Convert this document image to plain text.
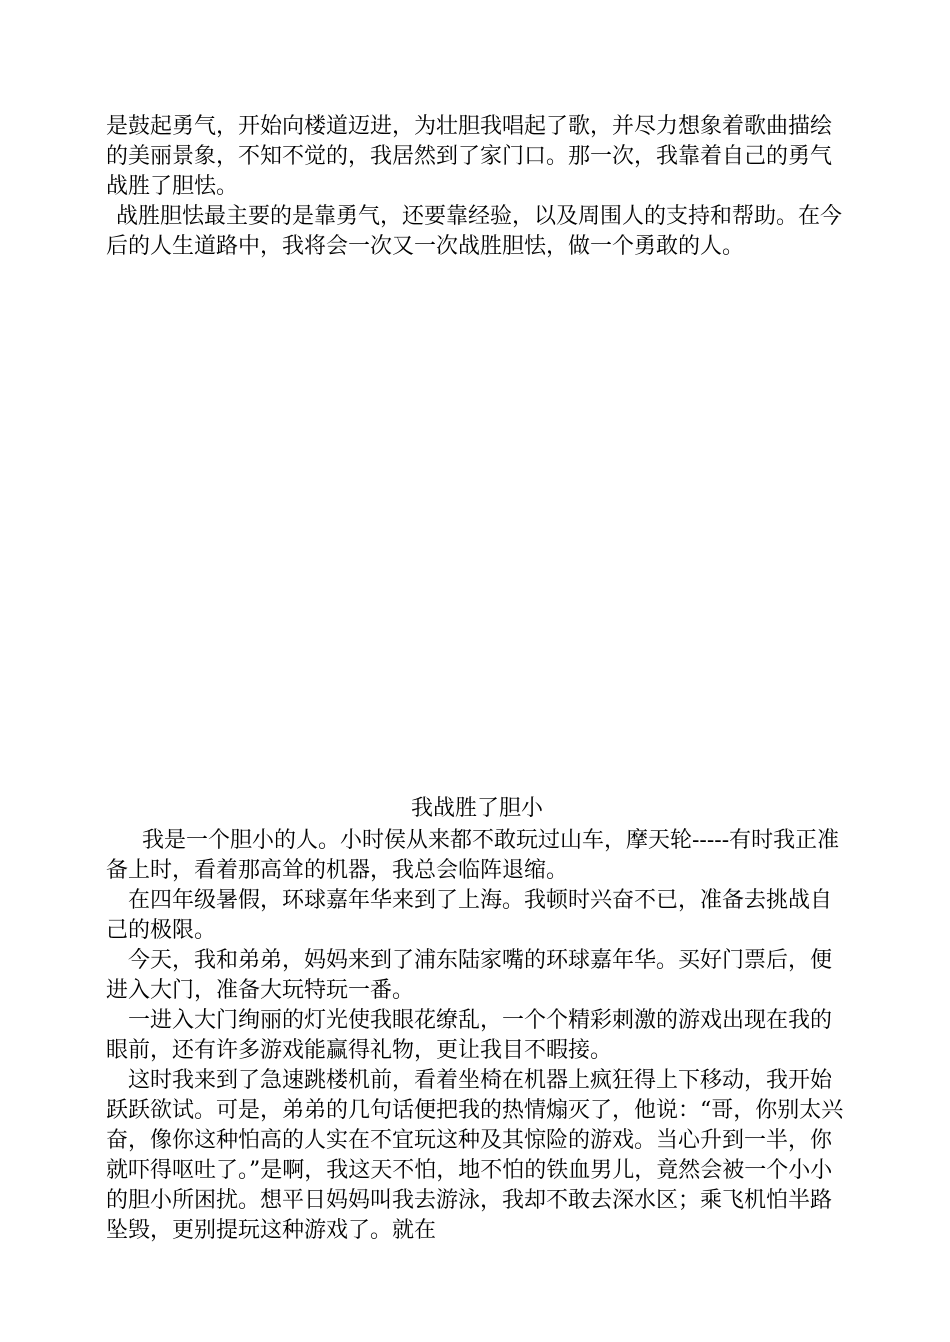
是鼓起勇气，开始向楼道迈进，为壮胆我唱起了歌，并尽力想象着歌曲描绘的美丽景象，不知不觉的，我居然到了家门口。那一次，我靠着自己的勇气战胜了胆怯。

战胜胆怯最主要的是靠勇气，还要靠经验，以及周围人的支持和帮助。在今后的人生道路中，我将会一次又一次战胜胆怯，做一个勇敢的人。

我战胜了胆小

我是一个胆小的人。小时侯从来都不敢玩过山车，摩天轮-----有时我正准备上时，看着那高耸的机器，我总会临阵退缩。

在四年级暑假，环球嘉年华来到了上海。我顿时兴奋不已，准备去挑战自己的极限。

今天，我和弟弟，妈妈来到了浦东陆家嘴的环球嘉年华。买好门票后，便进入大门，准备大玩特玩一番。

一进入大门绚丽的灯光使我眼花缭乱，一个个精彩刺激的游戏出现在我的眼前，还有许多游戏能赢得礼物，更让我目不暇接。

这时我来到了急速跳楼机前，看着坐椅在机器上疯狂得上下移动，我开始跃跃欲试。可是，弟弟的几句话便把我的热情煽灭了，他说：“哥，你别太兴奋，像你这种怕高的人实在不宜玩这种及其惊险的游戏。当心升到一半，你就吓得呕吐了。”是啊，我这天不怕，地不怕的铁血男儿，竟然会被一个小小的胆小所困扰。想平日妈妈叫我去游泳，我却不敢去深水区；乘飞机怕半路坠毁，更别提玩这种游戏了。就在
